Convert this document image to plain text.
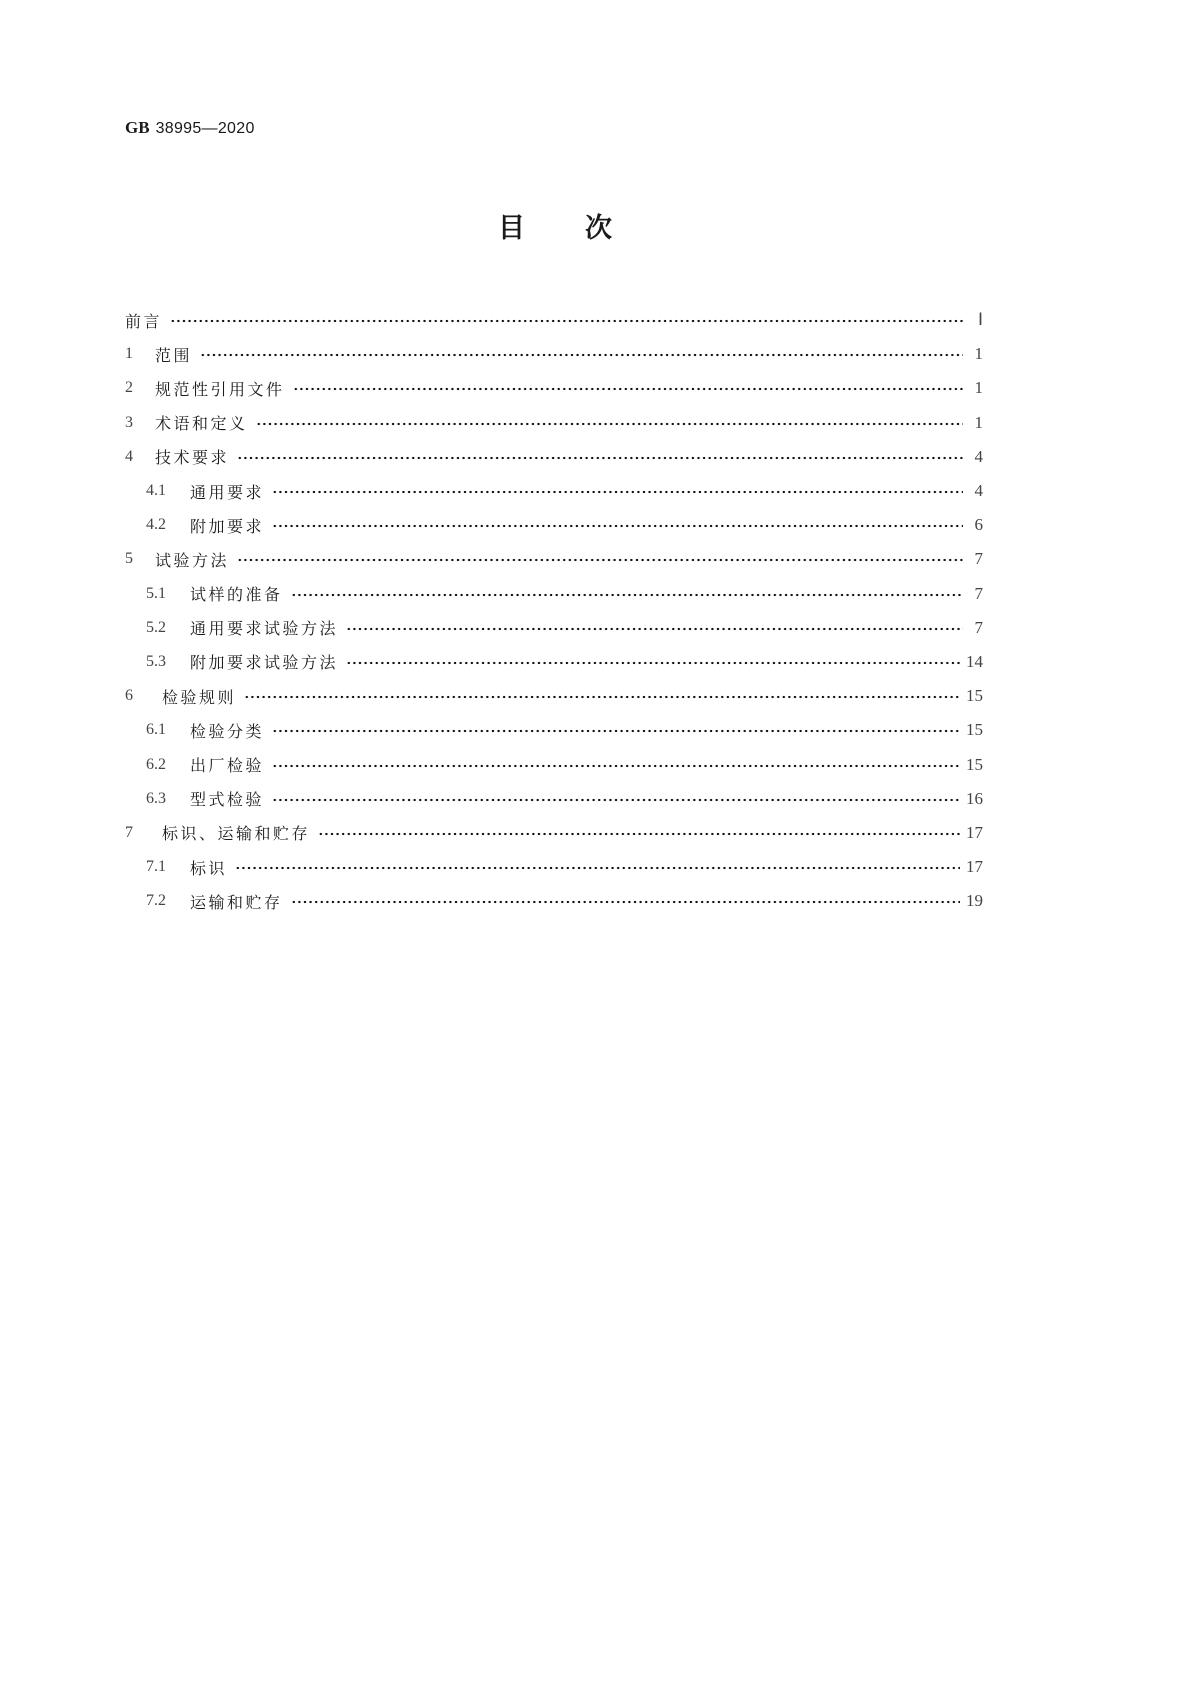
GB 38995—2020
目 次
前言	Ⅰ
1	范围	1
2	规范性引用文件	1
3	术语和定义	1
4	技术要求	4
4.1	通用要求	4
4.2	附加要求	6
5	试验方法	7
5.1	试样的准备	7
5.2	通用要求试验方法	7
5.3	附加要求试验方法	14
6	检验规则	15
6.1	检验分类	15
6.2	出厂检验	15
6.3	型式检验	16
7	标识、运输和贮存	17
7.1	标识	17
7.2	运输和贮存	19
